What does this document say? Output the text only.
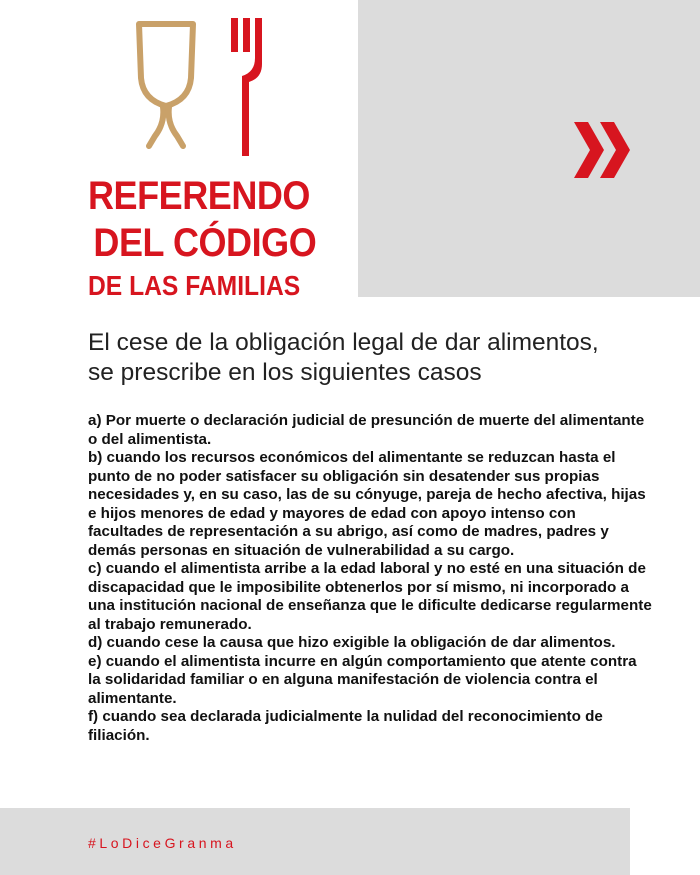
REFERENDO
DEL CÓDIGO
DE LAS FAMILIAS
El cese de la obligación legal de dar alimentos,
se prescribe en los siguientes casos

a) Por muerte o declaración judicial de presunción de muerte del alimentante o del alimentista.

b) cuando los recursos económicos del alimentante se reduzcan hasta el punto de no poder satisfacer su obligación sin desatender sus propias necesidades y, en su caso, las de su cónyuge, pareja de hecho afectiva, hijas e hijos menores de edad y mayores de edad con apoyo intenso con facultades de representación a su abrigo, así como de madres, padres y demás personas en situación de vulnerabilidad a su cargo.

c) cuando el alimentista arribe a la edad laboral y no esté en una situación de discapacidad que le imposibilite obtenerlos por sí mismo, ni incorporado a una institución nacional de enseñanza que le dificulte dedicarse regularmente al trabajo remunerado.

d) cuando cese la causa que hizo exigible la obligación de dar alimentos.

e) cuando el alimentista incurre en algún comportamiento que atente contra la solidaridad familiar o en alguna manifestación de violencia contra el alimentante.

f) cuando sea declarada judicialmente la nulidad del reconocimiento de filiación.

#LoDiceGranma
